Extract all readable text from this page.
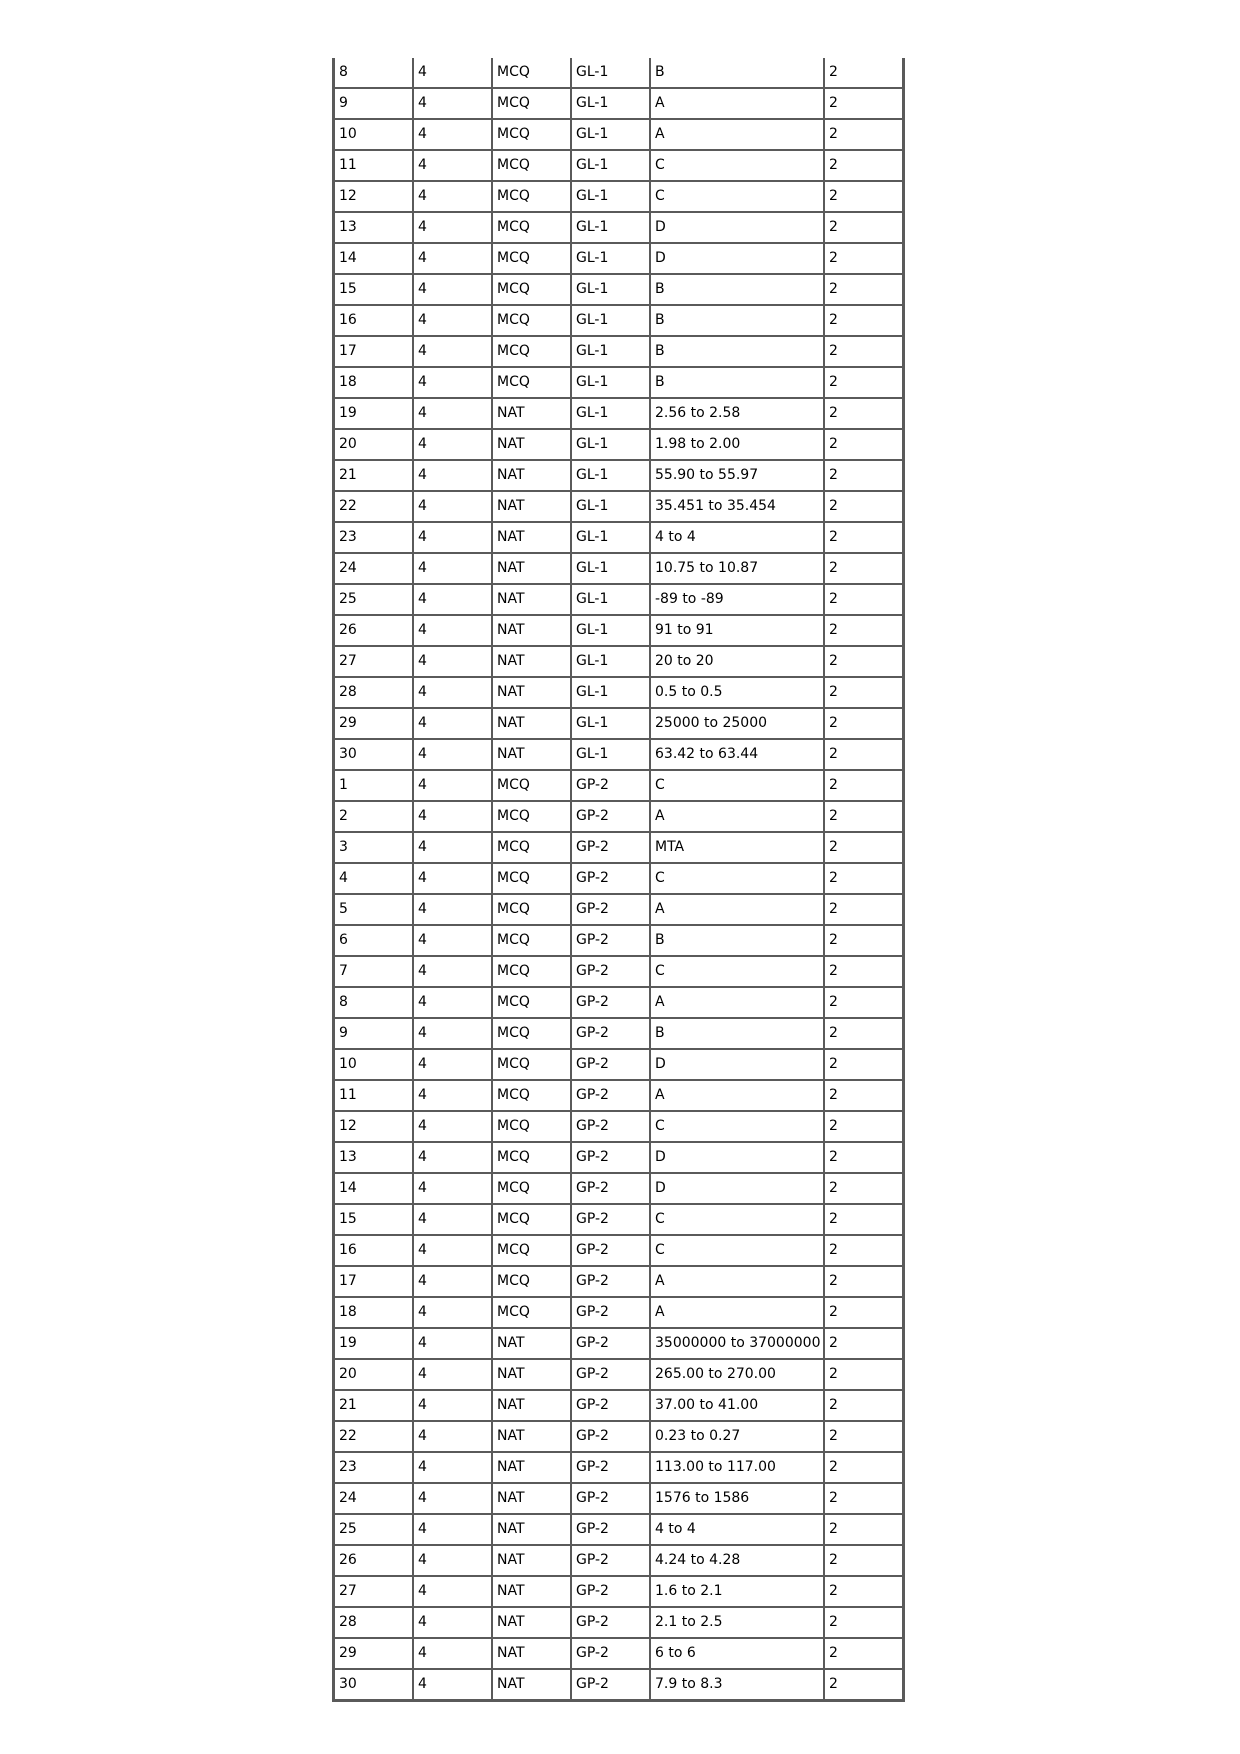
8	4	MCQ	GL-1	B	2
9	4	MCQ	GL-1	A	2
10	4	MCQ	GL-1	A	2
11	4	MCQ	GL-1	C	2
12	4	MCQ	GL-1	C	2
13	4	MCQ	GL-1	D	2
14	4	MCQ	GL-1	D	2
15	4	MCQ	GL-1	B	2
16	4	MCQ	GL-1	B	2
17	4	MCQ	GL-1	B	2
18	4	MCQ	GL-1	B	2
19	4	NAT	GL-1	2.56 to 2.58	2
20	4	NAT	GL-1	1.98 to 2.00	2
21	4	NAT	GL-1	55.90 to 55.97	2
22	4	NAT	GL-1	35.451 to 35.454	2
23	4	NAT	GL-1	4 to 4	2
24	4	NAT	GL-1	10.75 to 10.87	2
25	4	NAT	GL-1	-89 to -89	2
26	4	NAT	GL-1	91 to 91	2
27	4	NAT	GL-1	20 to 20	2
28	4	NAT	GL-1	0.5 to 0.5	2
29	4	NAT	GL-1	25000 to 25000	2
30	4	NAT	GL-1	63.42 to 63.44	2
1	4	MCQ	GP-2	C	2
2	4	MCQ	GP-2	A	2
3	4	MCQ	GP-2	MTA	2
4	4	MCQ	GP-2	C	2
5	4	MCQ	GP-2	A	2
6	4	MCQ	GP-2	B	2
7	4	MCQ	GP-2	C	2
8	4	MCQ	GP-2	A	2
9	4	MCQ	GP-2	B	2
10	4	MCQ	GP-2	D	2
11	4	MCQ	GP-2	A	2
12	4	MCQ	GP-2	C	2
13	4	MCQ	GP-2	D	2
14	4	MCQ	GP-2	D	2
15	4	MCQ	GP-2	C	2
16	4	MCQ	GP-2	C	2
17	4	MCQ	GP-2	A	2
18	4	MCQ	GP-2	A	2
19	4	NAT	GP-2	35000000 to 37000000	2
20	4	NAT	GP-2	265.00 to 270.00	2
21	4	NAT	GP-2	37.00 to 41.00	2
22	4	NAT	GP-2	0.23 to 0.27	2
23	4	NAT	GP-2	113.00 to 117.00	2
24	4	NAT	GP-2	1576 to 1586	2
25	4	NAT	GP-2	4 to 4	2
26	4	NAT	GP-2	4.24 to 4.28	2
27	4	NAT	GP-2	1.6 to 2.1	2
28	4	NAT	GP-2	2.1 to 2.5	2
29	4	NAT	GP-2	6 to 6	2
30	4	NAT	GP-2	7.9 to 8.3	2
